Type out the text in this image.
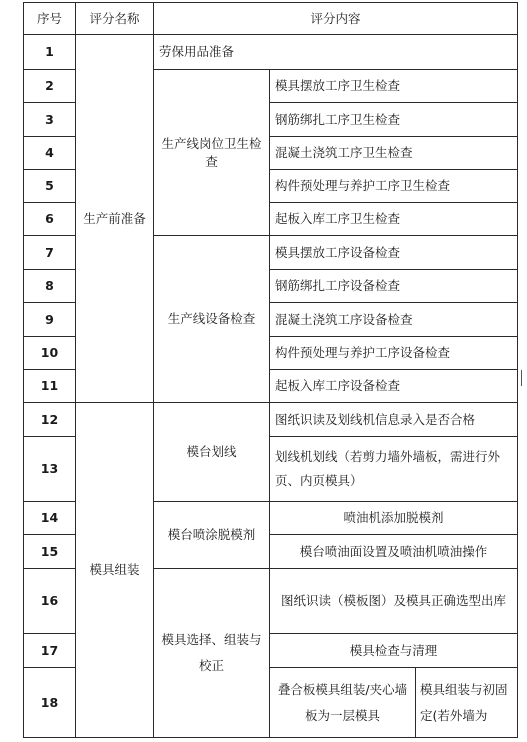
序号	评分名称	评分内容		
1	生产前准备	劳保用品准备		
2		生产线岗位卫生检查	模具摆放工序卫生检查	
3			钢筋绑扎工序卫生检查	
4			混凝土浇筑工序卫生检查	
5			构件预处理与养护工序卫生检查	
6			起板入库工序卫生检查	
7		生产线设备检查	模具摆放工序设备检查	
8			钢筋绑扎工序设备检查	
9			混凝土浇筑工序设备检查	
10			构件预处理与养护工序设备检查	
11			起板入库工序设备检查	
12	模具组装	模台划线	图纸识读及划线机信息录入是否合格	
13			划线机划线（若剪力墙外墙板，需进行外页、内页模具）	
14		模台喷涂脱模剂	喷油机添加脱模剂	
15			模台喷油面设置及喷油机喷油操作	
16		模具选择、组装与校正	图纸识读（模板图）及模具正确选型出库	
17			模具检查与清理	
18			叠合板模具组装/夹心墙板为一层模具	模具组装与初固定(若外墙为
